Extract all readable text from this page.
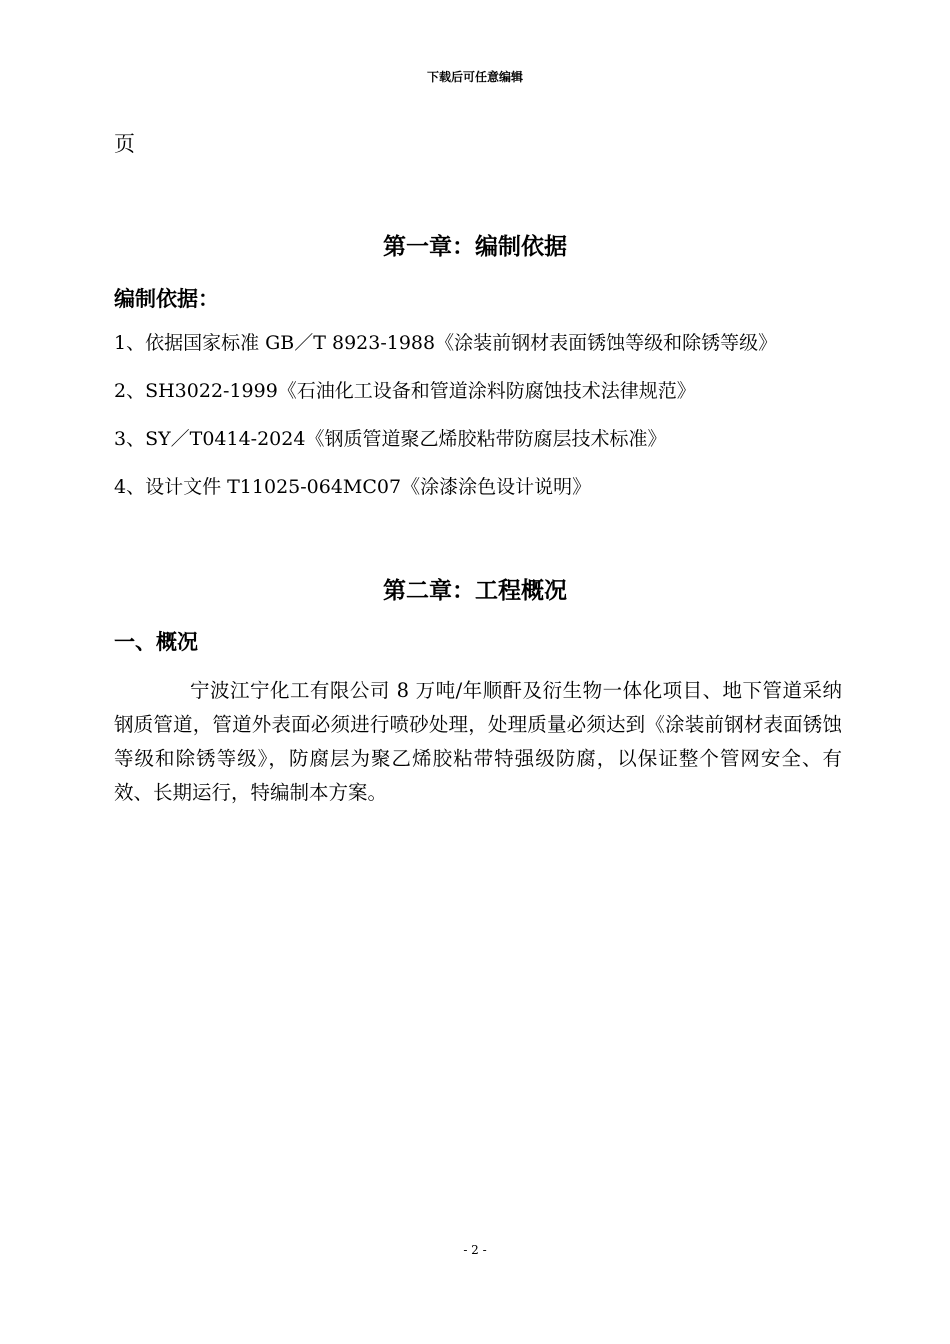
下载后可任意编辑
页
第一章：编制依据
编制依据：
1、依据国家标准 GB／T 8923-1988《涂装前钢材表面锈蚀等级和除锈等级》
2、SH3022-1999《石油化工设备和管道涂料防腐蚀技术法律规范》
3、SY／T0414-2024《钢质管道聚乙烯胶粘带防腐层技术标准》
4、设计文件 T11025-064MC07《涂漆涂色设计说明》
第二章：工程概况
一、概况

宁波江宁化工有限公司 8 万吨/年顺酐及衍生物一体化项目、地下管道采纳钢质管道，管道外表面必须进行喷砂处理，处理质量必须达到《涂装前钢材表面锈蚀等级和除锈等级》，防腐层为聚乙烯胶粘带特强级防腐，以保证整个管网安全、有效、长期运行，特编制本方案。

- 2 -
